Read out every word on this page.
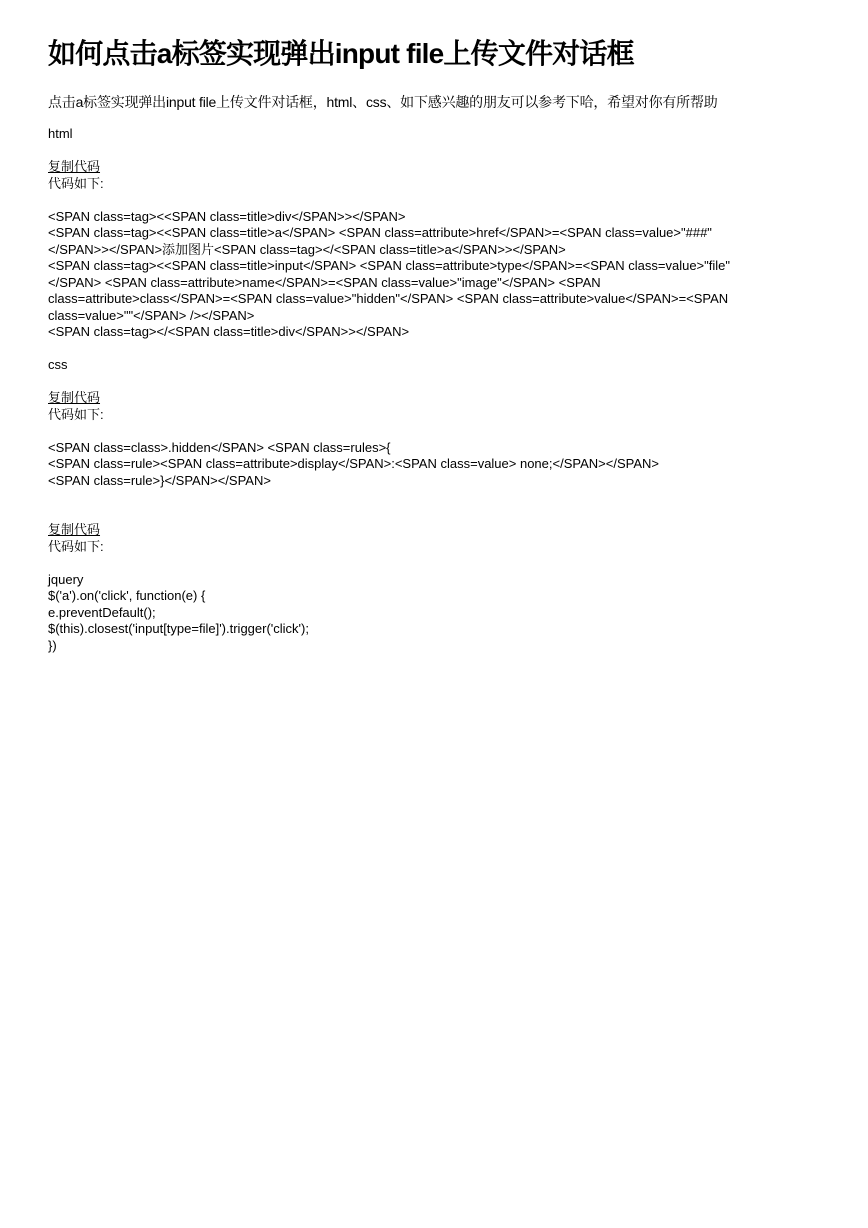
如何点击a标签实现弹出input file上传文件对话框
点击a标签实现弹出input file上传文件对话框，html、css、如下感兴趣的朋友可以参考下哈，希望对你有所帮助
html
复制代码
代码如下:
<SPAN class=tag><<SPAN class=title>div</SPAN>></SPAN>
<SPAN class=tag><<SPAN class=title>a</SPAN> <SPAN class=attribute>href</SPAN>=<SPAN class=value>"###"
</SPAN>></SPAN>添加图片<SPAN class=tag></<SPAN class=title>a</SPAN>></SPAN>
<SPAN class=tag><<SPAN class=title>input</SPAN> <SPAN class=attribute>type</SPAN>=<SPAN class=value>"file"
</SPAN> <SPAN class=attribute>name</SPAN>=<SPAN class=value>"image"</SPAN> <SPAN
class=attribute>class</SPAN>=<SPAN class=value>"hidden"</SPAN> <SPAN class=attribute>value</SPAN>=<SPAN
class=value>""</SPAN> /></SPAN>
<SPAN class=tag></<SPAN class=title>div</SPAN>></SPAN>
css
复制代码
代码如下:
<SPAN class=class>.hidden</SPAN> <SPAN class=rules>{
<SPAN class=rule><SPAN class=attribute>display</SPAN>:<SPAN class=value> none;</SPAN></SPAN>
<SPAN class=rule>}</SPAN></SPAN>
复制代码
代码如下:
jquery
$('a').on('click', function(e) {
e.preventDefault();
$(this).closest('input[type=file]').trigger('click');
})
